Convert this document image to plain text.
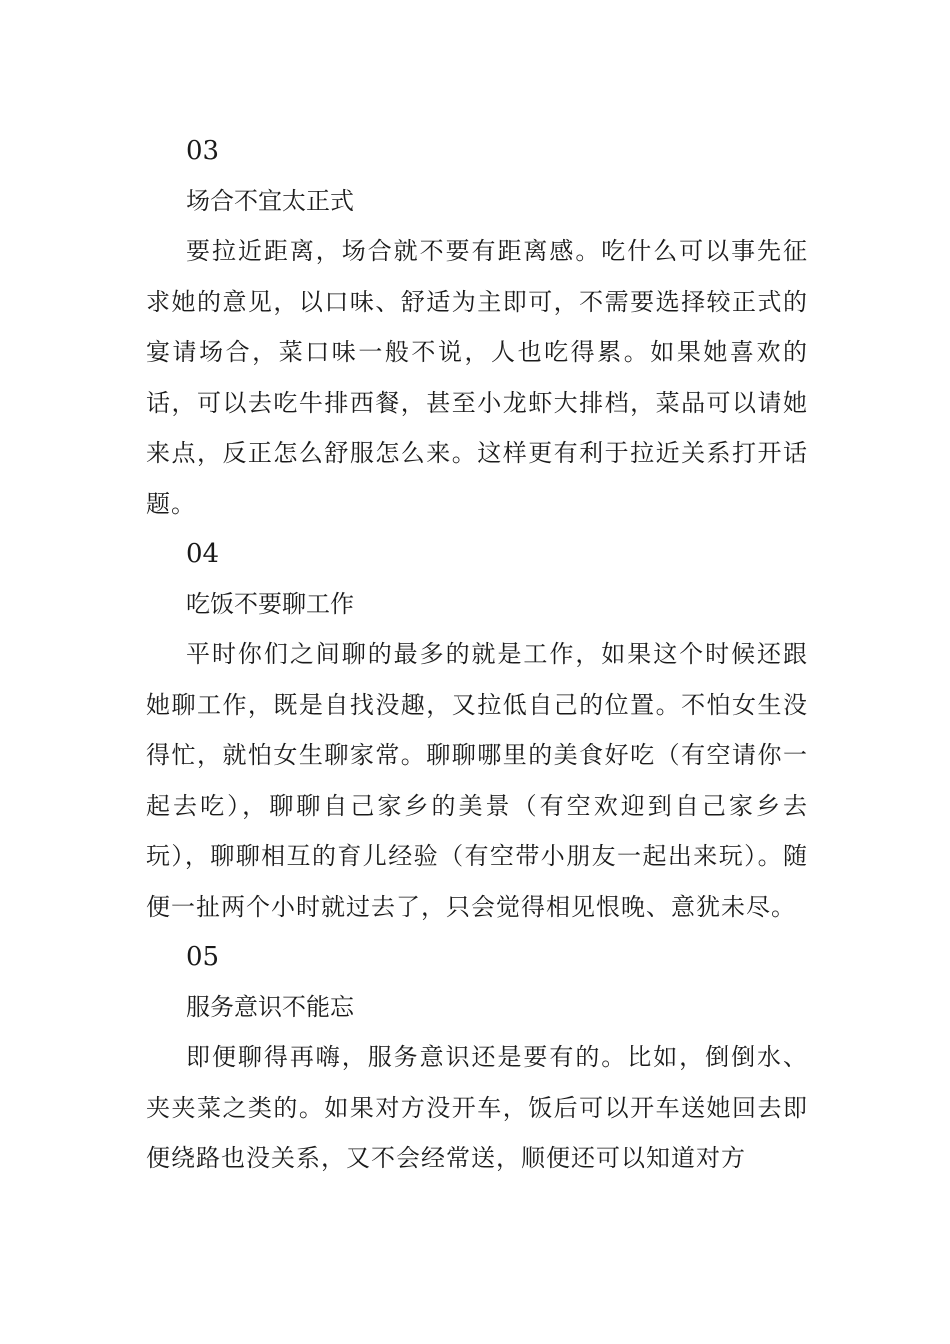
03

场合不宜太正式

要拉近距离，场合就不要有距离感。吃什么可以事先征求她的意见，以口味、舒适为主即可，不需要选择较正式的宴请场合，菜口味一般不说，人也吃得累。如果她喜欢的话，可以去吃牛排西餐，甚至小龙虾大排档，菜品可以请她来点，反正怎么舒服怎么来。这样更有利于拉近关系打开话题。

04

吃饭不要聊工作

平时你们之间聊的最多的就是工作，如果这个时候还跟她聊工作，既是自找没趣，又拉低自己的位置。不怕女生没得忙，就怕女生聊家常。聊聊哪里的美食好吃（有空请你一起去吃），聊聊自己家乡的美景（有空欢迎到自己家乡去玩），聊聊相互的育儿经验（有空带小朋友一起出来玩）。随便一扯两个小时就过去了，只会觉得相见恨晚、意犹未尽。

05

服务意识不能忘

即便聊得再嗨，服务意识还是要有的。比如，倒倒水、夹夹菜之类的。如果对方没开车，饭后可以开车送她回去即便绕路也没关系，又不会经常送，顺便还可以知道对方
